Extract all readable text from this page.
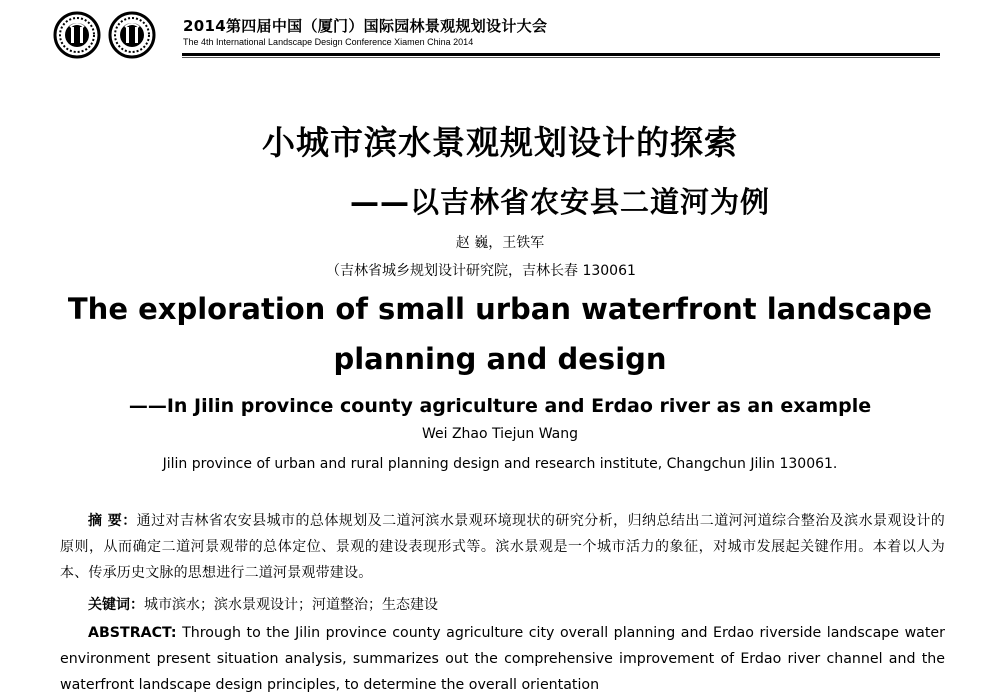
2014第四届中国（厦门）国际园林景观规划设计大会
The 4th International Landscape Design Conference Xiamen China 2014
小城市滨水景观规划设计的探索
——以吉林省农安县二道河为例
赵 巍，王铁军
（吉林省城乡规划设计研究院，吉林长春 130061
The exploration of small urban waterfront landscape
planning and design
——In Jilin province county agriculture and Erdao river as an example
Wei Zhao Tiejun Wang
Jilin province of urban and rural planning design and research institute, Changchun Jilin 130061.
摘 要：通过对吉林省农安县城市的总体规划及二道河滨水景观环境现状的研究分析，归纳总结出二道河河道综合整治及滨水景观设计的原则，从而确定二道河景观带的总体定位、景观的建设表现形式等。滨水景观是一个城市活力的象征，对城市发展起关键作用。本着以人为本、传承历史文脉的思想进行二道河景观带建设。
关键词：城市滨水；滨水景观设计；河道整治；生态建设
ABSTRACT: Through to the Jilin province county agriculture city overall planning and Erdao riverside landscape water environment present situation analysis, summarizes out the comprehensive improvement of Erdao river channel and the waterfront landscape design principles, to determine the overall orientation
